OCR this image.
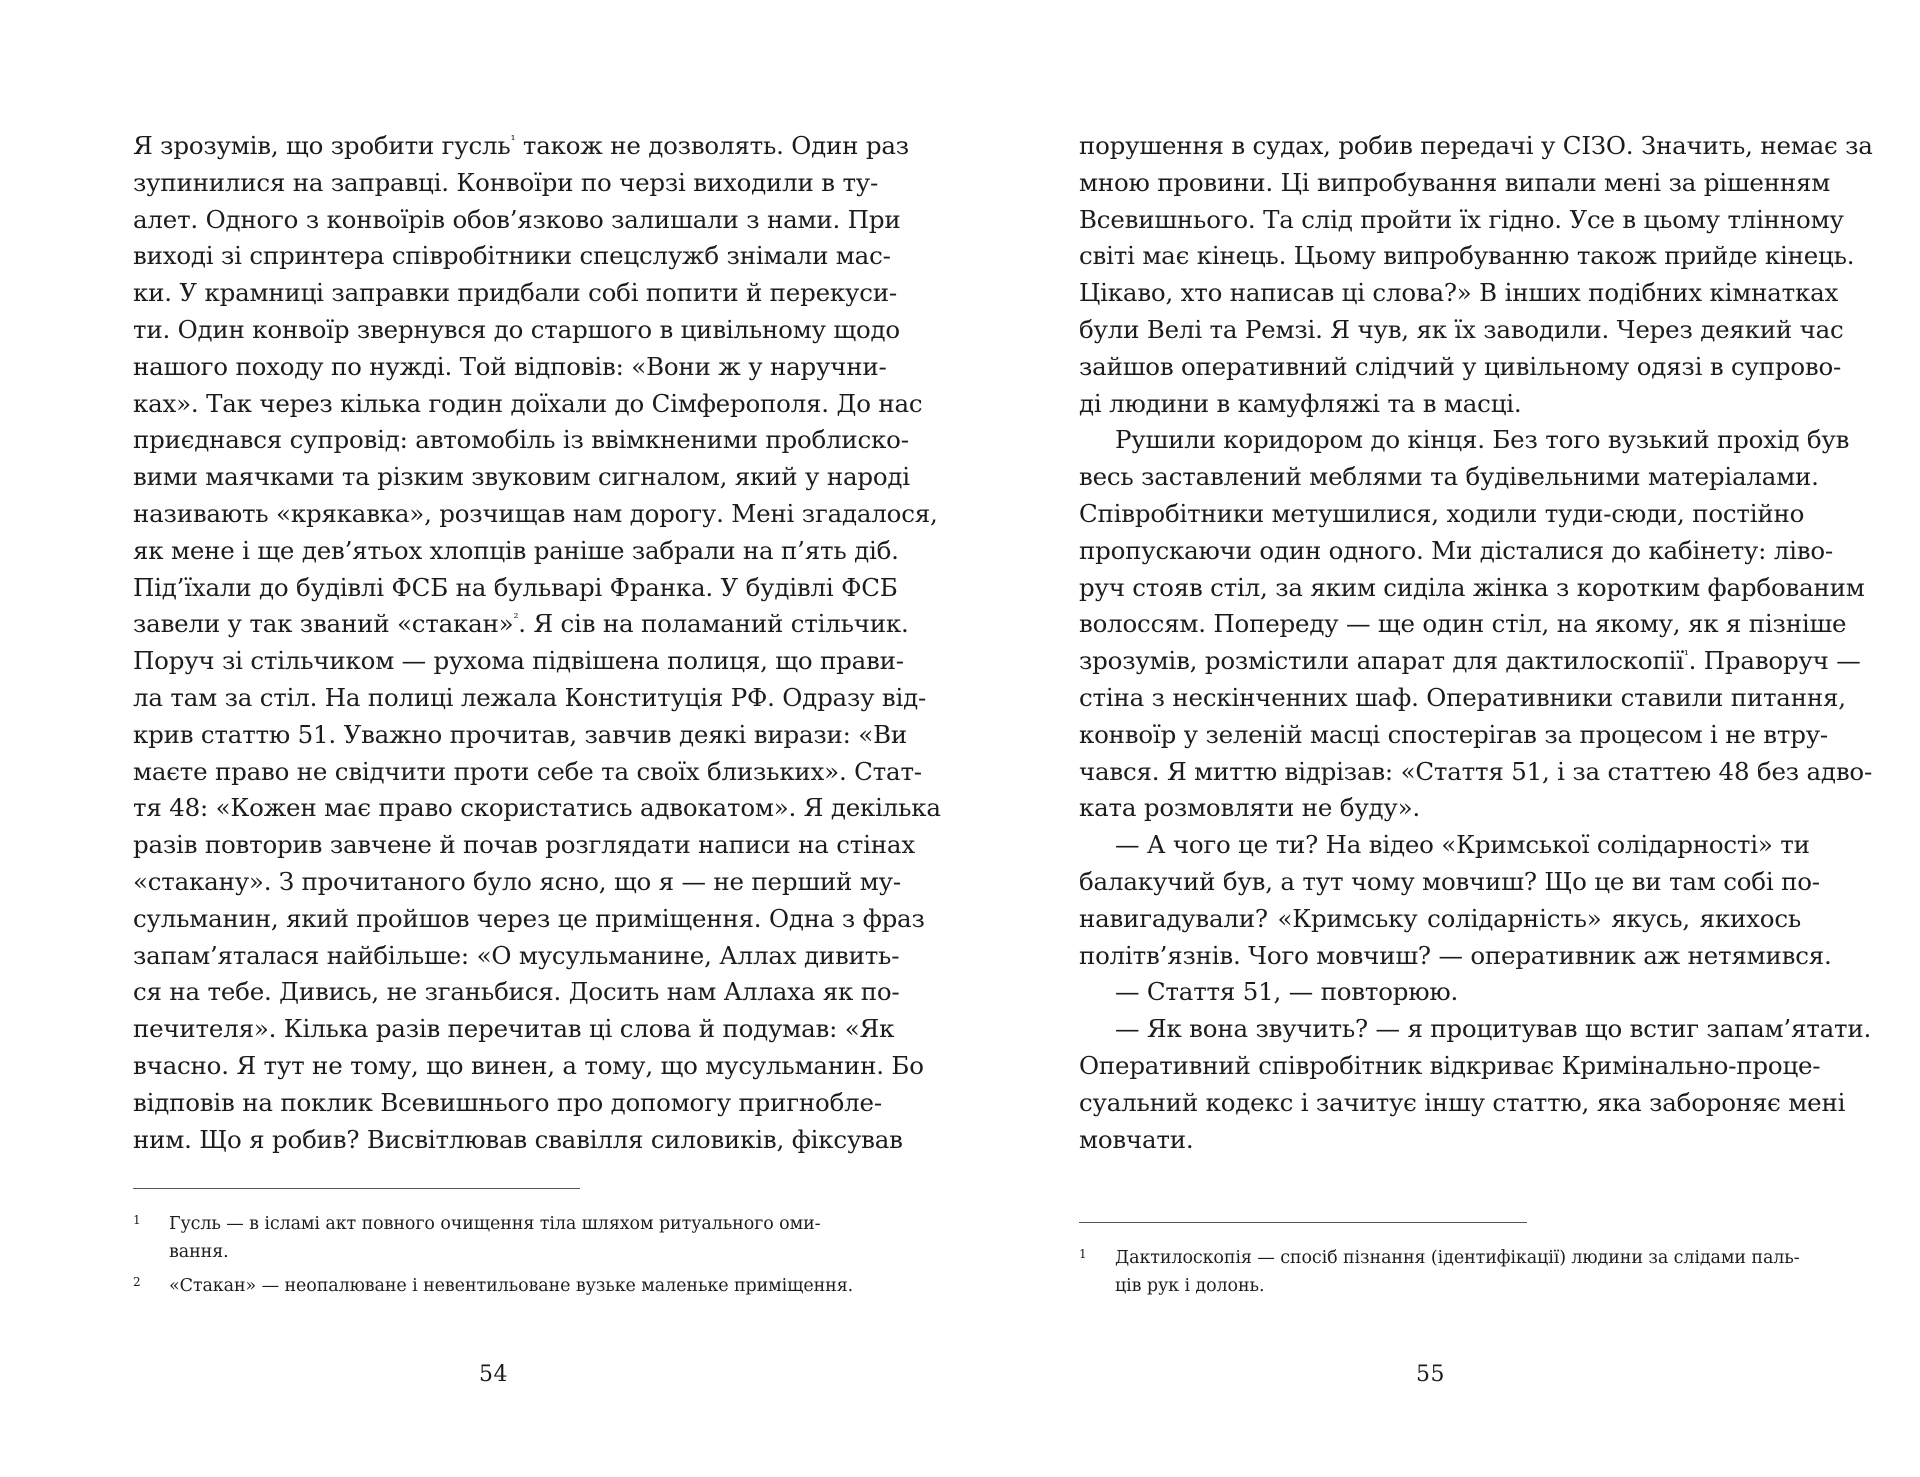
Я зрозумів, що зробити гусль$^{^1}$ також не дозволять. Один раз
зупинилися на заправці. Конвоїри по черзі виходили в ту-
алет. Одного з конвоїрів обов’язково залишали з нами. При
виході зі спринтера співробітники спецслужб знімали мас-
ки. У крамниці заправки придбали собі попити й перекуси-
ти. Один конвоїр звернувся до старшого в цивільному щодо
нашого походу по нужді. Той відповів: «Вони ж у наручни-
ках». Так через кілька годин доїхали до Сімферополя. До нас
приєднався супровід: автомобіль із ввімкненими проблиско-
вими маячками та різким звуковим сигналом, який у народі
називають «крякавка», розчищав нам дорогу. Мені згадалося,
як мене і ще дев’ятьох хлопців раніше забрали на п’ять діб.
Під’їхали до будівлі ФСБ на бульварі Франка. У будівлі ФСБ
завели у так званий «стакан»$^{^2}$. Я сів на поламаний стільчик.
Поруч зі стільчиком — рухома підвішена полиця, що прави-
ла там за стіл. На полиці лежала Конституція РФ. Одразу від-
крив статтю 51. Уважно прочитав, завчив деякі вирази: «Ви
маєте право не свідчити проти себе та своїх близьких». Стат-
тя 48: «Кожен має право скористатись адвокатом». Я декілька
разів повторив завчене й почав розглядати написи на стінах
«стакану». З прочитаного було ясно, що я — не перший му-
сульманин, який пройшов через це приміщення. Одна з фраз
запам’яталася найбільше: «О мусульманине, Аллах дивить-
ся на тебе. Дивись, не зганьбися. Досить нам Аллаха як по-
печителя». Кілька разів перечитав ці слова й подумав: «Як
вчасно. Я тут не тому, що винен, а тому, що мусульманин. Бо
відповів на поклик Всевишнього про допомогу пригнобле-
ним. Що я робив? Висвітлював свавілля силовиків, фіксував
1	Гусль — в ісламі акт повного очищення тіла шляхом ритуального оми-
вання.
2	«Стакан» — неопалюване і невентильоване вузьке маленьке приміщення.
54
порушення в судах, робив передачі у СІЗО. Значить, немає за
мною провини. Ці випробування випали мені за рішенням
Всевишнього. Та слід пройти їх гідно. Усе в цьому тлінному
світі має кінець. Цьому випробуванню також прийде кінець.
Цікаво, хто написав ці слова?» В інших подібних кімнатках
були Велі та Ремзі. Я чув, як їх заводили. Через деякий час
зайшов оперативний слідчий у цивільному одязі в супрово-
ді людини в камуфляжі та в масці.
Рушили коридором до кінця. Без того вузький прохід був
весь заставлений меблями та будівельними матеріалами.
Співробітники метушилися, ходили туди-сюди, постійно
пропускаючи один одного. Ми дісталися до кабінету: ліво-
руч стояв стіл, за яким сиділа жінка з коротким фарбованим
волоссям. Попереду — ще один стіл, на якому, як я пізніше
зрозумів, розмістили апарат для дактилоскопії$^{^1}$. Праворуч —
стіна з нескінченних шаф. Оперативники ставили питання,
конвоїр у зеленій масці спостерігав за процесом і не втру-
чався. Я миттю відрізав: «Стаття 51, і за статтею 48 без адво-
ката розмовляти не буду».
— А чого це ти? На відео «Кримської солідарності» ти
балакучий був, а тут чому мовчиш? Що це ви там собі по-
навигадували? «Кримську солідарність» якусь, якихось
політв’язнів. Чого мовчиш? — оперативник аж нетямився.
— Стаття 51, — повторюю.
— Як вона звучить? — я процитував що встиг запам’ятати.
Оперативний співробітник відкриває Кримінально-проце-
суальний кодекс і зачитує іншу статтю, яка забороняє мені
мовчати.
1	Дактилоскопія — спосіб пізнання (ідентифікації) людини за слідами паль-
ців рук і долонь.
55
